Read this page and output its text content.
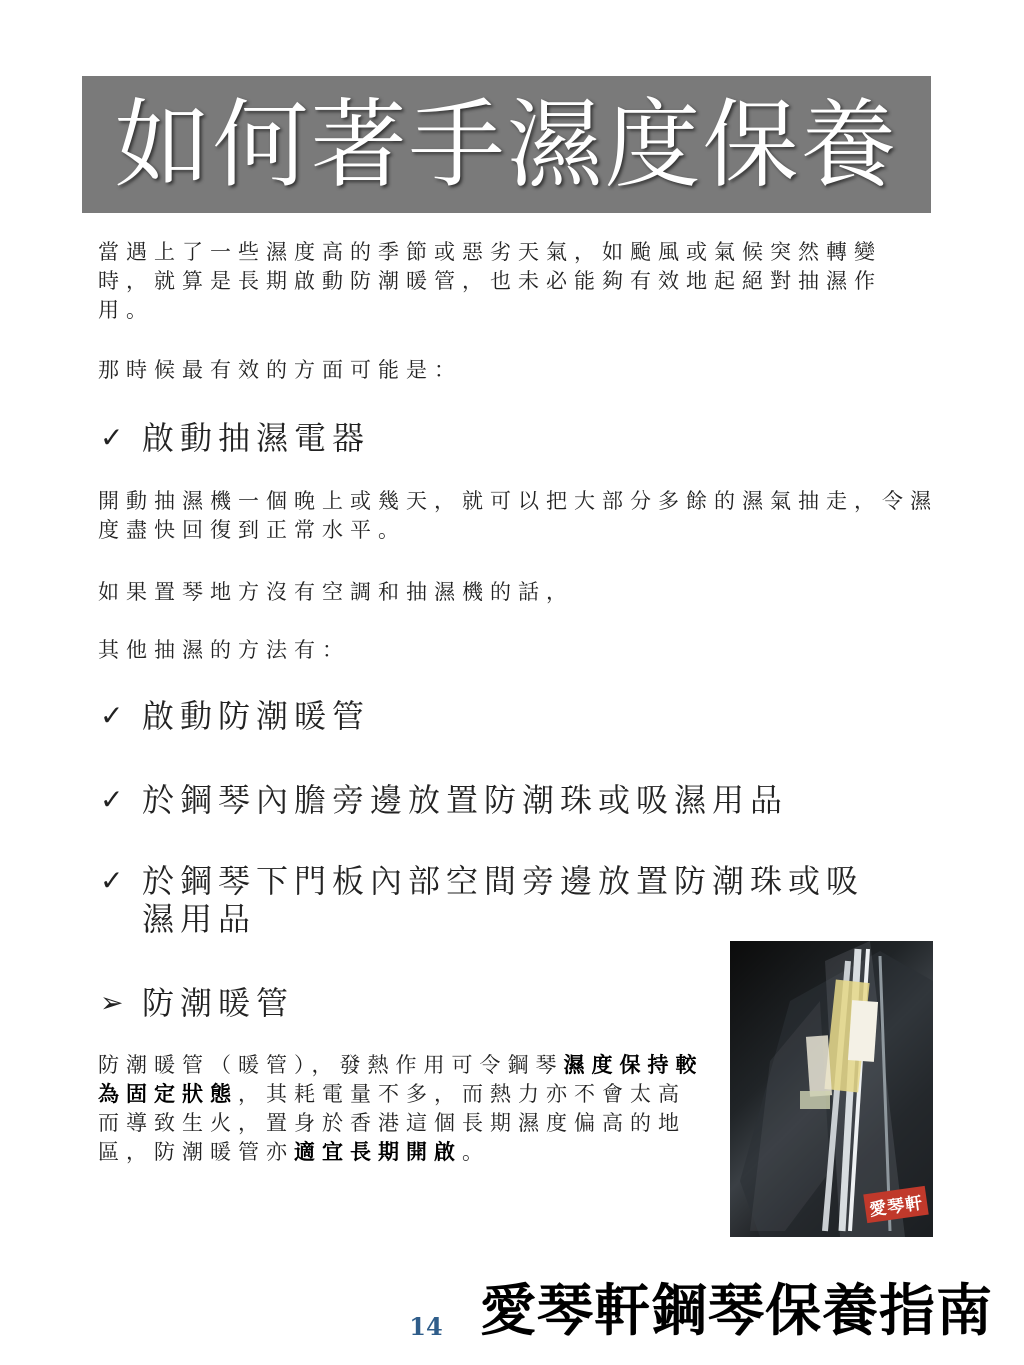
如何著手濕度保養

當遇上了一些濕度高的季節或惡劣天氣，如颱風或氣候突然轉變時，就算是長期啟動防潮暖管，也未必能夠有效地起絕對抽濕作用。

那時候最有效的方面可能是：

✓ 啟動抽濕電器

開動抽濕機一個晚上或幾天，就可以把大部分多餘的濕氣抽走，令濕度盡快回復到正常水平。

如果置琴地方沒有空調和抽濕機的話，

其他抽濕的方法有：

✓ 啟動防潮暖管
✓ 於鋼琴內膽旁邊放置防潮珠或吸濕用品
✓ 於鋼琴下門板內部空間旁邊放置防潮珠或吸濕用品
➢ 防潮暖管

防潮暖管（暖管），發熱作用可令鋼琴濕度保持較為固定狀態，其耗電量不多，而熱力亦不會太高而導致生火，置身於香港這個長期濕度偏高的地區，防潮暖管亦適宜長期開啟。

愛琴軒
14 愛琴軒鋼琴保養指南
